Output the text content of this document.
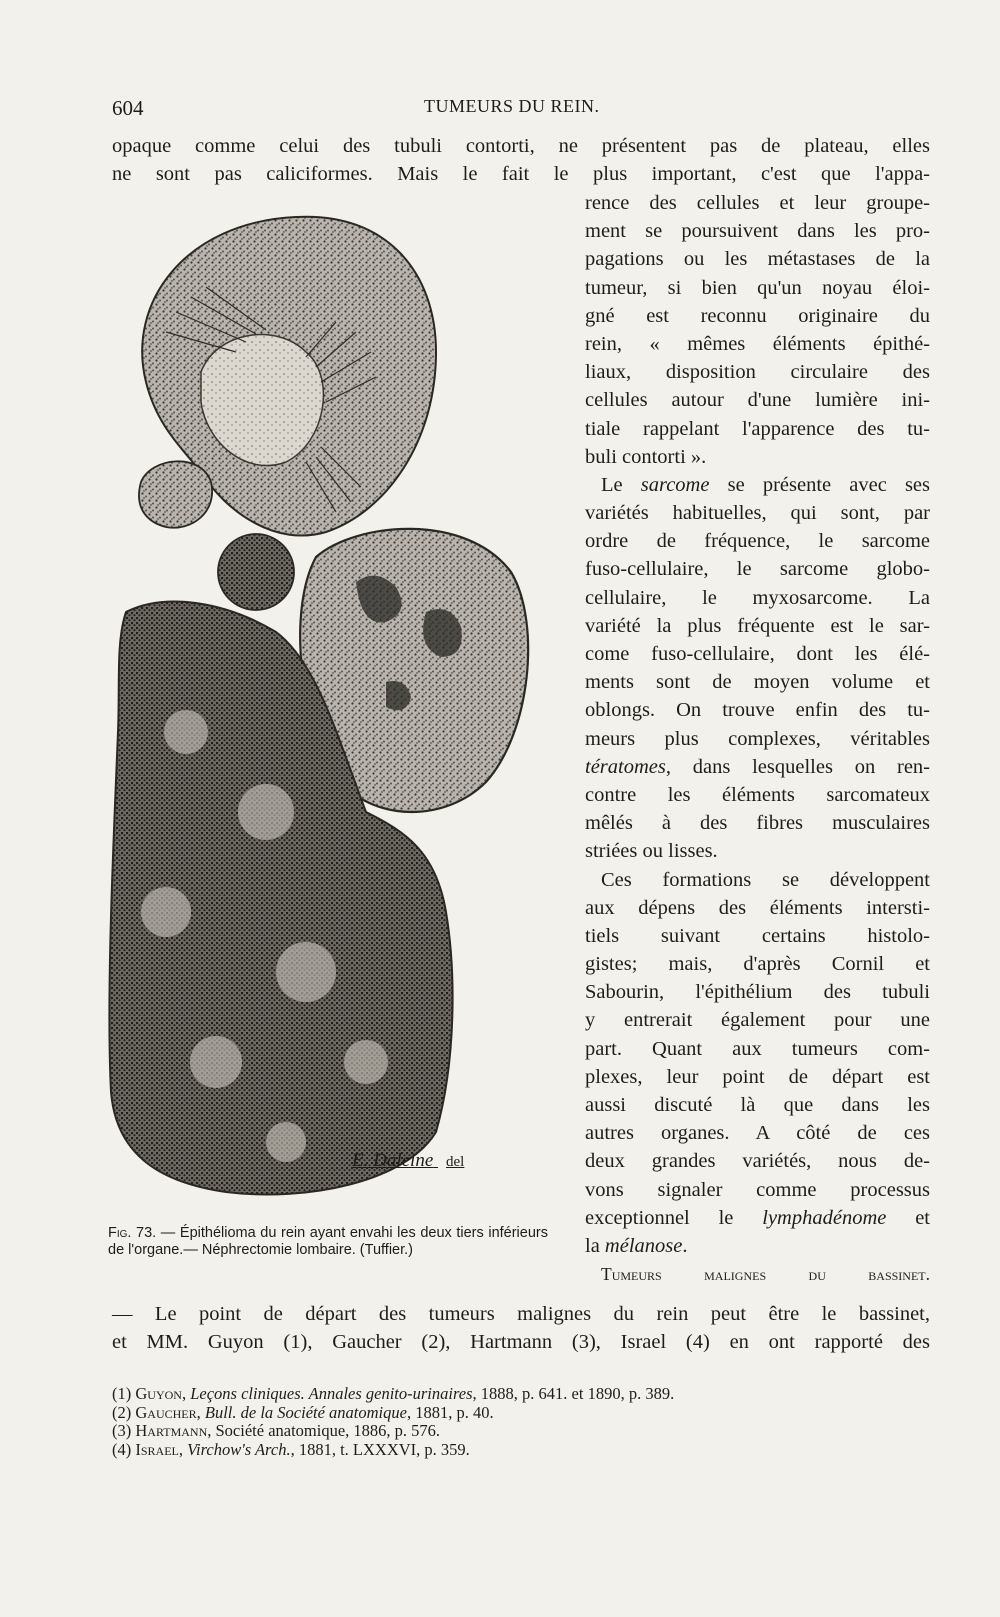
604	TUMEURS DU REIN.
opaque comme celui des tubuli contorti, ne présentent pas de plateau, elles
ne sont pas caliciformes. Mais le fait le plus important, c'est que l'appa-
rence des cellules et leur groupe-
ment se poursuivent dans les pro-
pagations ou les métastases de la
tumeur, si bien qu'un noyau éloi-
gné est reconnu originaire du
rein, « mêmes éléments épithé-
liaux, disposition circulaire des
cellules autour d'une lumière ini-
tiale rappelant l'apparence des tu-
buli contorti ».
Le sarcome se présente avec ses
variétés habituelles, qui sont, par
ordre de fréquence, le sarcome
fuso-cellulaire, le sarcome globo-
cellulaire, le myxosarcome. La
variété la plus fréquente est le sar-
come fuso-cellulaire, dont les élé-
ments sont de moyen volume et
oblongs. On trouve enfin des tu-
meurs plus complexes, véritables
tératomes, dans lesquelles on ren-
contre les éléments sarcomateux
mêlés à des fibres musculaires
striées ou lisses.
Ces formations se développent
aux dépens des éléments intersti-
tiels suivant certains histolo-
gistes; mais, d'après Cornil et
Sabourin, l'épithélium des tubuli
y entrerait également pour une
part. Quant aux tumeurs com-
plexes, leur point de départ est
aussi discuté là que dans les
autres organes. A côté de ces
deux grandes variétés, nous de-
vons signaler comme processus
exceptionnel le lymphadénome et
la mélanose.
Tumeurs malignes du bassinet.
— Le point de départ des tumeurs malignes du rein peut être le bassinet,
et MM. Guyon (1), Gaucher (2), Hartmann (3), Israel (4) en ont rapporté des
E. Daleine del
Fig. 73. — Épithélioma du rein ayant envahi les deux tiers inférieurs de l'organe.— Néphrectomie lombaire. (Tuffier.)
(1) Guyon, Leçons cliniques. Annales genito-urinaires, 1888, p. 641. et 1890, p. 389.
(2) Gaucher, Bull. de la Société anatomique, 1881, p. 40.
(3) Hartmann, Société anatomique, 1886, p. 576.
(4) Israel, Virchow's Arch., 1881, t. LXXXVI, p. 359.
